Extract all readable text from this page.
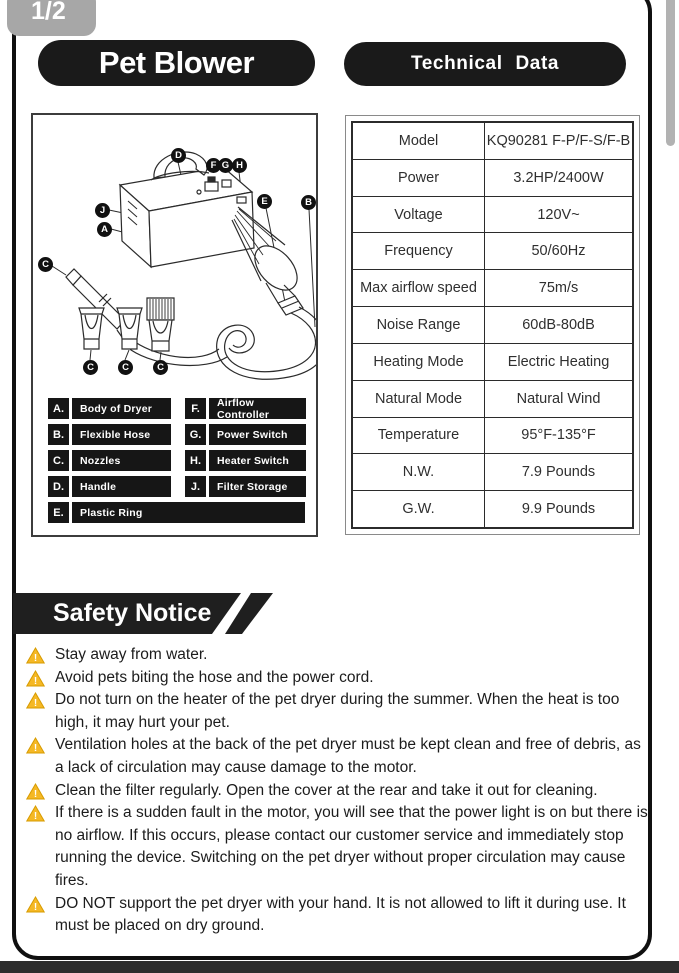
1/2
Pet Blower	Technical Data
D
F G H
J
A
E	B
C
C	C	C
A.	Body of Dryer
B.	Flexible Hose
C.	Nozzles
D.	Handle
F.	Airflow Controller
G.	Power Switch
H.	Heater Switch
J.	Filter Storage
E.	Plastic Ring
Model	KQ90281 F-P/F-S/F-B
Power	3.2HP/2400W
Voltage	120V~
Frequency	50/60Hz
Max airflow speed	75m/s
Noise Range	60dB-80dB
Heating Mode	Electric Heating
Natural Mode	Natural Wind
Temperature	95°F-135°F
N.W.	7.9 Pounds
G.W.	9.9 Pounds
Safety Notice
! Stay away from water.
! Avoid pets biting the hose and the power cord.
! Do not turn on the heater of the pet dryer during the summer. When the heat is too high, it may hurt your pet.
! Ventilation holes at the back of the pet dryer must be kept clean and free of debris, as a lack of circulation may cause damage to the motor.
! Clean the filter regularly. Open the cover at the rear and take it out for cleaning.
! If there is a sudden fault in the motor, you will see that the power light is on but there is no airflow. If this occurs, please contact our customer service and immediately stop running the device. Switching on the pet dryer without proper circulation may cause fires.
! DO NOT support the pet dryer with your hand. It is not allowed to lift it during use. It must be placed on dry ground.
